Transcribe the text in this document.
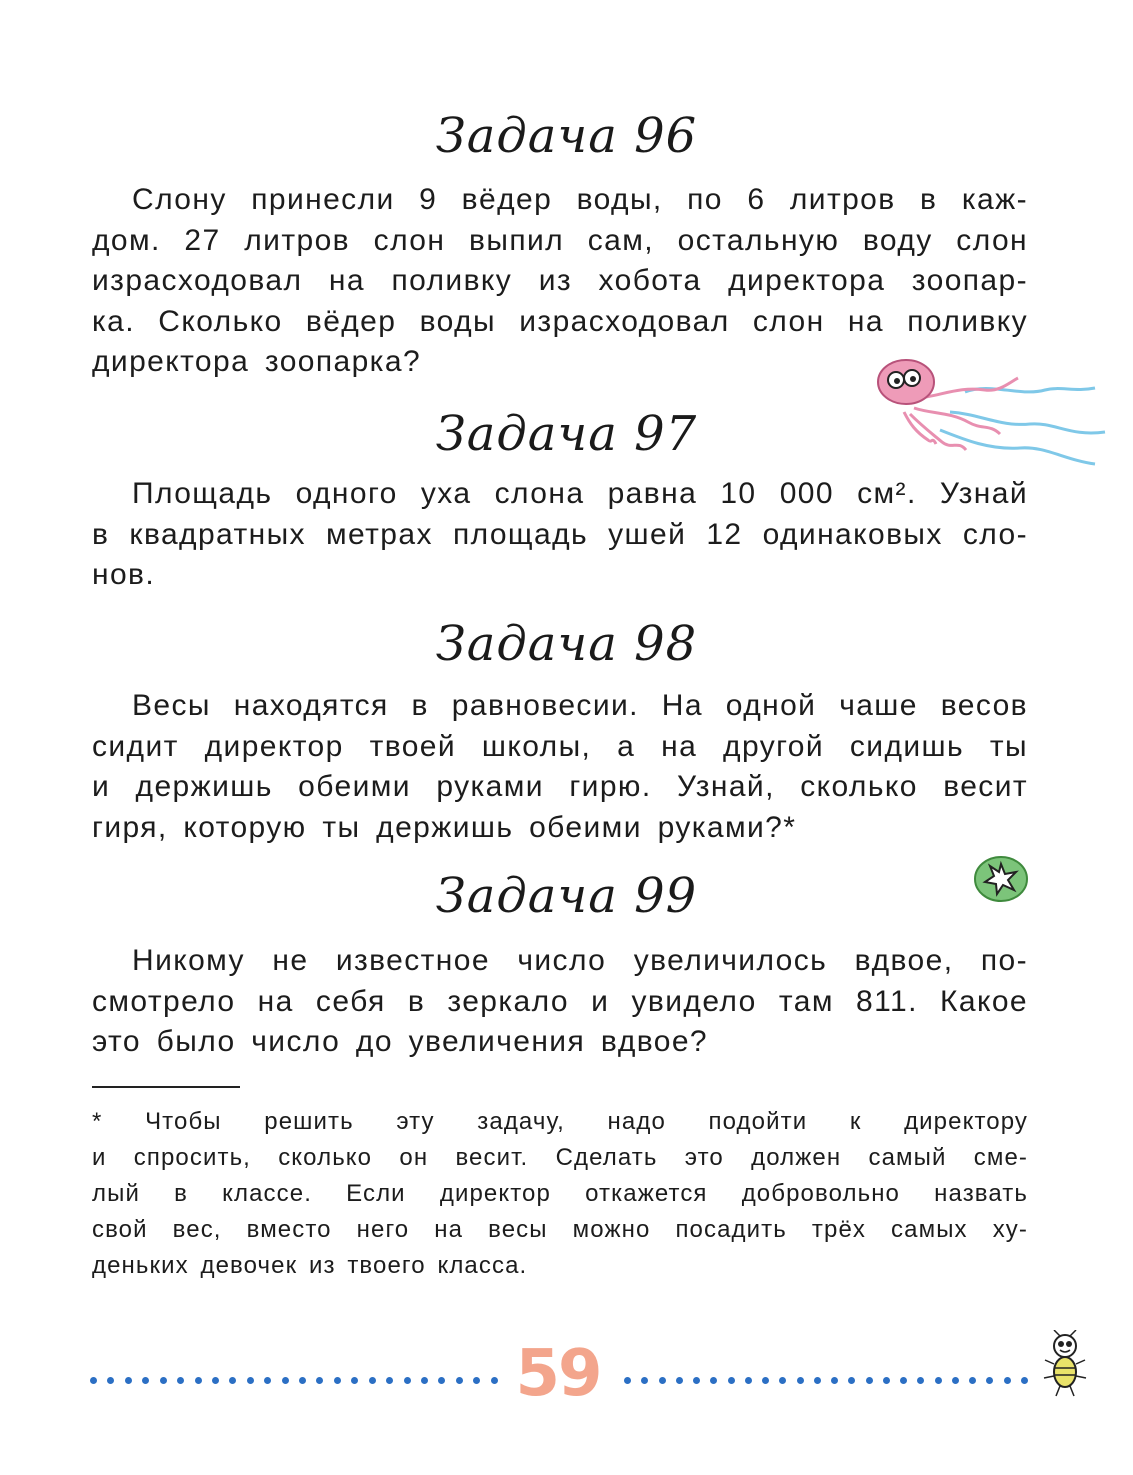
Задача 96
Слону принесли 9 вёдер воды, по 6 литров в каж-
дом. 27 литров слон выпил сам, остальную воду слон
израсходовал на поливку из хобота директора зоопар-
ка. Сколько вёдер воды израсходовал слон на поливку
директора зоопарка?
Задача 97
Площадь одного уха слона равна 10 000 см². Узнай
в квадратных метрах площадь ушей 12 одинаковых сло-
нов.
Задача 98
Весы находятся в равновесии. На одной чаше весов
сидит директор твоей школы, а на другой сидишь ты
и держишь обеими руками гирю. Узнай, сколько весит
гиря, которую ты держишь обеими руками?*
Задача 99
Никому не известное число увеличилось вдвое, по-
смотрело на себя в зеркало и увидело там 811. Какое
это было число до увеличения вдвое?
* Чтобы решить эту задачу, надо подойти к директору
и спросить, сколько он весит. Сделать это должен самый сме-
лый в классе. Если директор откажется добровольно назвать
свой вес, вместо него на весы можно посадить трёх самых ху-
деньких девочек из твоего класса.
59
